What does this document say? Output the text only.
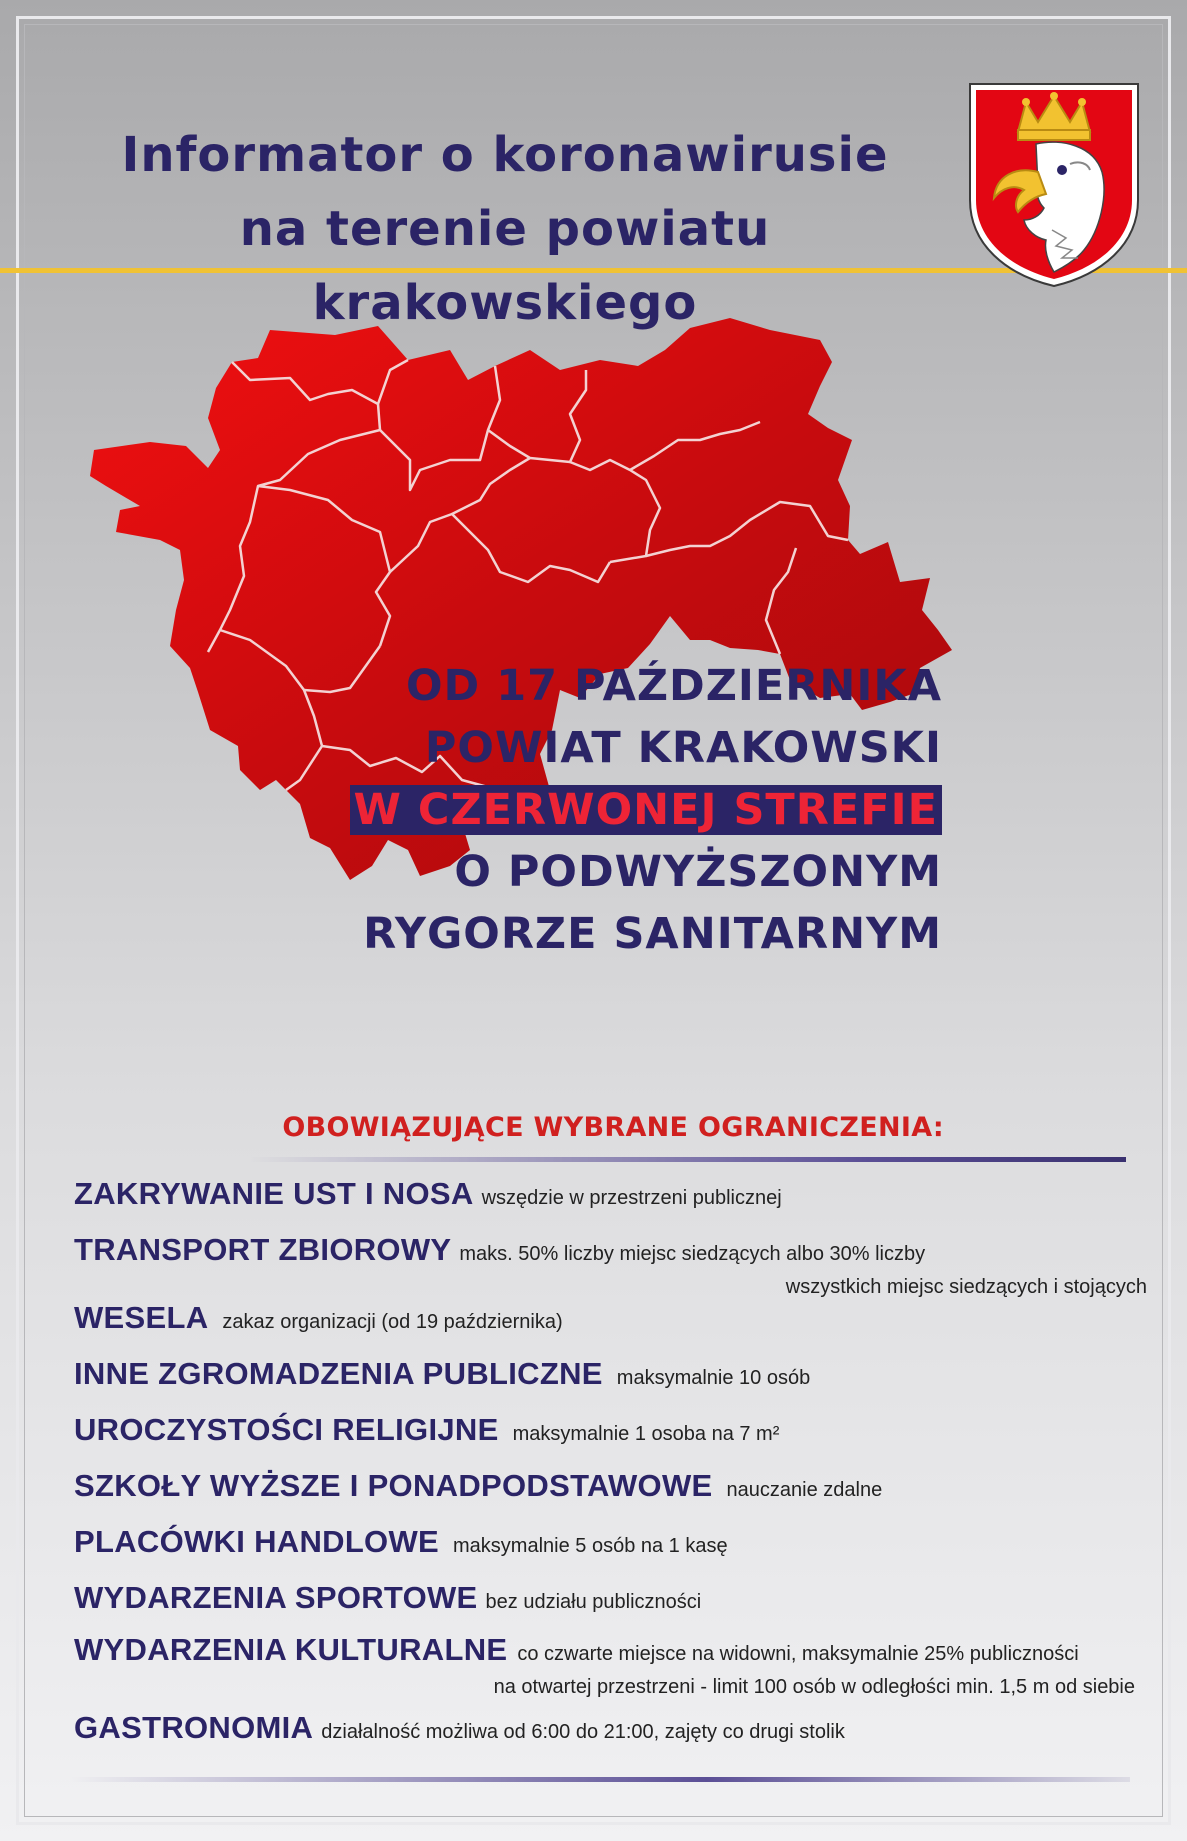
Informator o koronawirusie
na terenie powiatu krakowskiego
OD 17 PAŹDZIERNIKA
POWIAT KRAKOWSKI
W CZERWONEJ STREFIE
O PODWYŻSZONYM
RYGORZE SANITARNYM
OBOWIĄZUJĄCE WYBRANE OGRANICZENIA:
ZAKRYWANIE UST I NOSA wszędzie w przestrzeni publicznej
TRANSPORT ZBIOROWY maks. 50% liczby miejsc siedzących albo 30% liczby
wszystkich miejsc siedzących i stojących
WESELA zakaz organizacji (od 19 października)
INNE ZGROMADZENIA PUBLICZNE maksymalnie 10 osób
UROCZYSTOŚCI RELIGIJNE maksymalnie 1 osoba na 7 m²
SZKOŁY WYŻSZE I PONADPODSTAWOWE nauczanie zdalne
PLACÓWKI HANDLOWE maksymalnie 5 osób na 1 kasę
WYDARZENIA SPORTOWE bez udziału publiczności
WYDARZENIA KULTURALNE co czwarte miejsce na widowni, maksymalnie 25% publiczności
na otwartej przestrzeni - limit 100 osób w odległości min. 1,5 m od siebie
GASTRONOMIA działalność możliwa od 6:00 do 21:00, zajęty co drugi stolik
